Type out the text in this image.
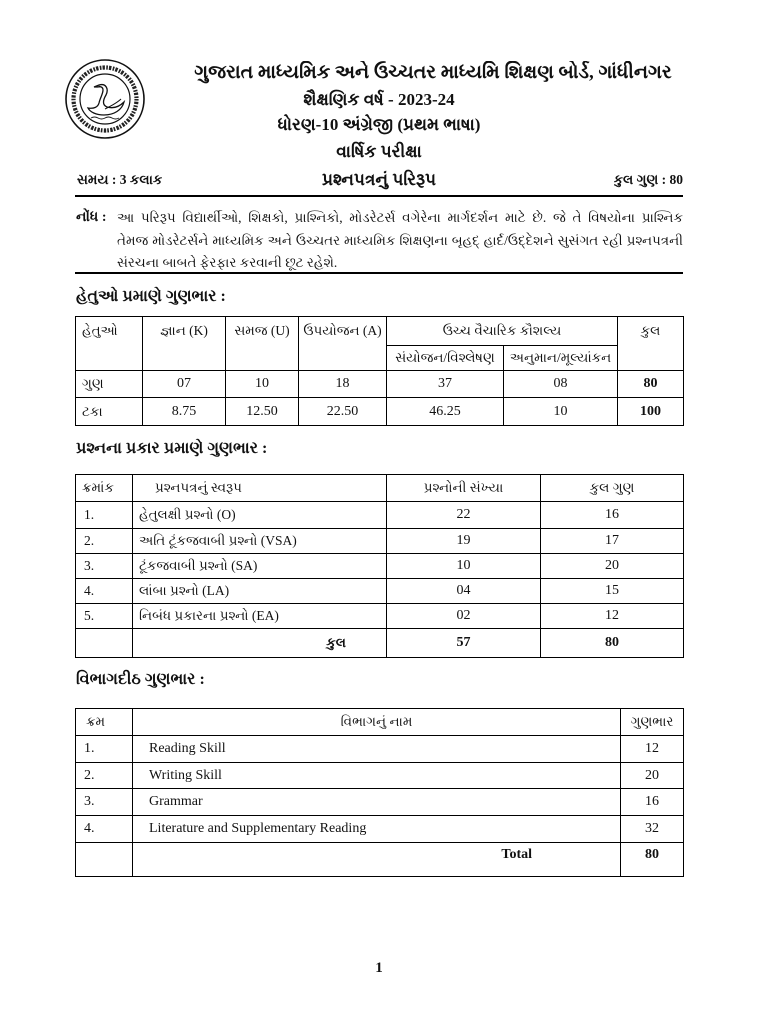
ગુજરાત માધ્યમિક અને ઉચ્ચતર માધ્યમિ શિક્ષણ બોર્ડ, ગાંધીનગર
શૈક્ષણિક વર્ષ - 2023-24
ધોરણ-10 અંગ્રેજી (પ્રથમ ભાષા)
વાર્ષિક પરીક્ષા
સમય : 3 કલાક	પ્રશ્નપત્રનું પરિરૂપ	કુલ ગુણ : 80
નોંધ : આ પરિરૂપ વિદ્યાર્થીઓ, શિક્ષકો, પ્રાશ્નિકો, મોડરેટર્સ વગેરેના માર્ગદર્શન માટે છે. જે તે વિષયોના પ્રાશ્નિક
તેમજ મોડરેટર્સને માધ્યમિક અને ઉચ્ચતર માધ્યમિક શિક્ષણના બૃહદ્ હાર્દ/ઉદ્દેશને સુસંગત રહી પ્રશ્નપત્રની
સંરચના બાબતે ફેરફાર કરવાની છૂટ રહેશે.
હેતુઓ પ્રમાણે ગુણભાર :
હેતુઓ	જ્ઞાન (K)	સમજ (U)	ઉપયોજન (A)	ઉચ્ચ વૈચારિક કૌશલ્ય		કુલ
				સંયોજન/વિશ્લેષણ	અનુમાન/મૂલ્યાંકન	
ગુણ	07	10	18	37	08	80
ટકા	8.75	12.50	22.50	46.25	10	100
પ્રશ્નના પ્રકાર પ્રમાણે ગુણભાર :
ક્રમાંક	પ્રશ્નપત્રનું સ્વરૂપ	પ્રશ્નોની સંખ્યા	કુલ ગુણ
1.	હેતુલક્ષી પ્રશ્નો (O)	22	16
2.	અતિ ટૂંકજવાબી પ્રશ્નો (VSA)	19	17
3.	ટૂંકજવાબી પ્રશ્નો (SA)	10	20
4.	લાંબા પ્રશ્નો (LA)	04	15
5.	નિબંધ પ્રકારના પ્રશ્નો (EA)	02	12
	કુલ	57	80
વિભાગદીઠ ગુણભાર :
ક્રમ	વિભાગનું નામ	ગુણભાર
1.	Reading Skill	12
2.	Writing Skill	20
3.	Grammar	16
4.	Literature and Supplementary Reading	32
	Total	80
1
